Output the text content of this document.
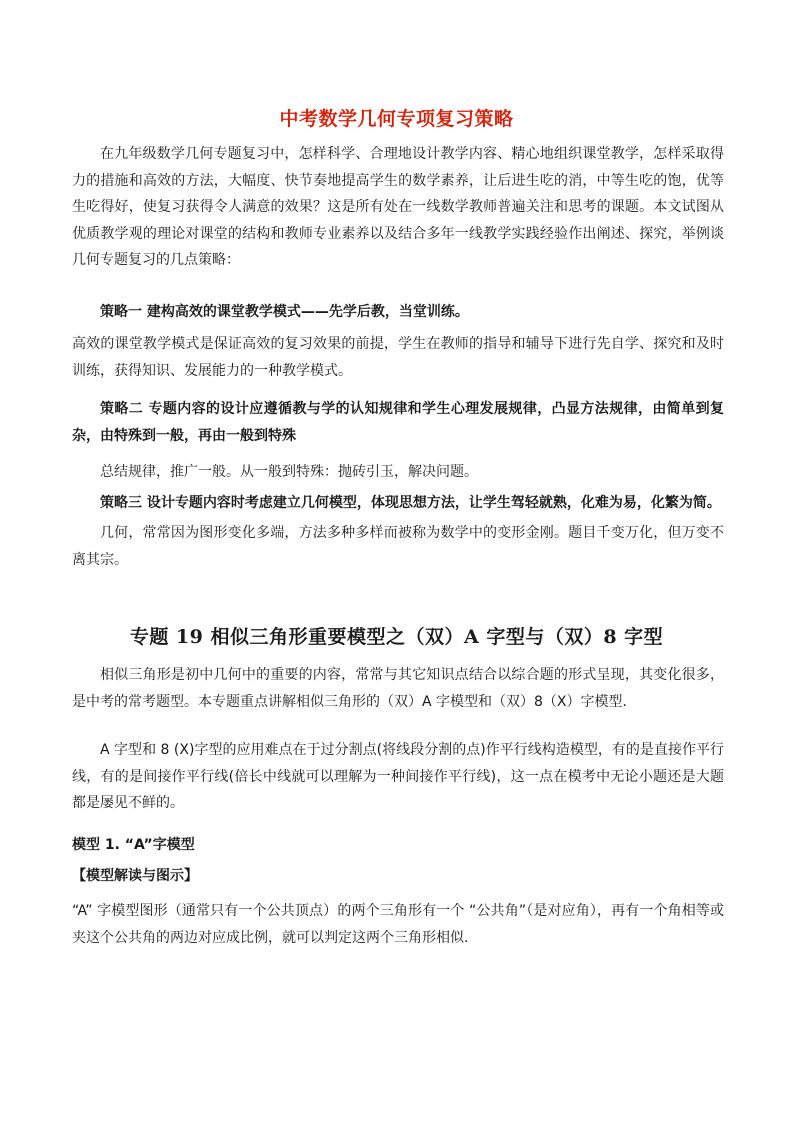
中考数学几何专项复习策略

在九年级数学几何专题复习中，怎样科学、合理地设计教学内容、精心地组织课堂教学，怎样采取得力的措施和高效的方法，大幅度、快节奏地提高学生的数学素养，让后进生吃的消，中等生吃的饱，优等生吃得好，使复习获得令人满意的效果？这是所有处在一线数学教师普遍关注和思考的课题。本文试图从优质教学观的理论对课堂的结构和教师专业素养以及结合多年一线教学实践经验作出阐述、探究，举例谈几何专题复习的几点策略：

策略一 建构高效的课堂教学模式——先学后教，当堂训练。

高效的课堂教学模式是保证高效的复习效果的前提，学生在教师的指导和辅导下进行先自学、探究和及时训练，获得知识、发展能力的一种教学模式。

策略二 专题内容的设计应遵循教与学的认知规律和学生心理发展规律，凸显方法规律，由简单到复杂，由特殊到一般，再由一般到特殊

总结规律，推广一般。从一般到特殊：抛砖引玉，解决问题。

策略三 设计专题内容时考虑建立几何模型，体现思想方法，让学生驾轻就熟，化难为易，化繁为简。

几何，常常因为图形变化多端，方法多种多样而被称为数学中的变形金刚。题目千变万化，但万变不离其宗。

专题 19 相似三角形重要模型之（双）A 字型与（双）8 字型

相似三角形是初中几何中的重要的内容，常常与其它知识点结合以综合题的形式呈现，其变化很多，是中考的常考题型。本专题重点讲解相似三角形的（双）A 字模型和（双）8（X）字模型．

A 字型和 8 (X)字型的应用难点在于过分割点(将线段分割的点)作平行线构造模型，有的是直接作平行线，有的是间接作平行线(倍长中线就可以理解为一种间接作平行线)，这一点在模考中无论小题还是大题都是屡见不鲜的。

模型 1. “A”字模型

【模型解读与图示】

“A” 字模型图形（通常只有一个公共顶点）的两个三角形有一个 “公共角”（是对应角），再有一个角相等或夹这个公共角的两边对应成比例，就可以判定这两个三角形相似．
